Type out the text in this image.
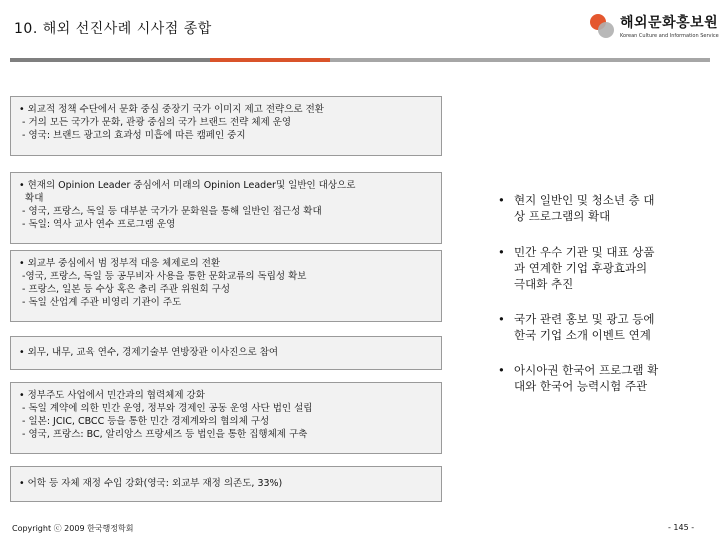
10. 해외 선진사례 시사점 종합	해외문화홍보원
Korean Culture and Information Service
• 외교적 정책 수단에서 문화 중심 중장기 국가 이미지 제고 전략으로 전환
- 거의 모든 국가가 문화, 관광 중심의 국가 브랜드 전략 체제 운영
- 영국: 브랜드 광고의 효과성 미흡에 따른 캠페인 중지
• 현재의 Opinion Leader 중심에서 미래의 Opinion Leader및 일반인 대상으로
확대
- 영국, 프랑스, 독일 등 대부분 국가가 문화원을 통해 일반인 접근성 확대
- 독일: 역사 교사 연수 프로그램 운영
• 외교부 중심에서 범 정부적 대응 체제로의 전환
-영국, 프랑스, 독일 등 공무비자 사용을 통한 문화교류의 독립성 확보
- 프랑스, 일본 등 수상 혹은 총리 주관 위원회 구성
- 독일 산업계 주관 비영리 기관이 주도
• 외무, 내무, 교육 연수, 경제기술부 연방장관 이사진으로 참여
• 정부주도 사업에서 민간과의 협력체제 강화
- 독일 계약에 의한 민간 운영, 정부와 경제인 공동 운영 사단 법인 설립
- 일본: JCIC, CBCC 등을 통한 민간 경제계와의 협의체 구성
- 영국, 프랑스: BC, 알리앙스 프랑세즈 등 법인을 통한 집행체제 구축
• 어학 등 자체 재정 수입 강화(영국: 외교부 재정 의존도, 33%)
• 현지 일반인 및 청소년 층 대
상 프로그램의 확대
• 민간 우수 기관 및 대표 상품
과 연계한 기업 후광효과의
극대화 추진
• 국가 관련 홍보 및 광고 등에
한국 기업 소개 이벤트 연계
• 아시아권 한국어 프로그램 확
대와 한국어 능력시험 주관
Copyright ⓒ 2009 한국행정학회	- 145 -
